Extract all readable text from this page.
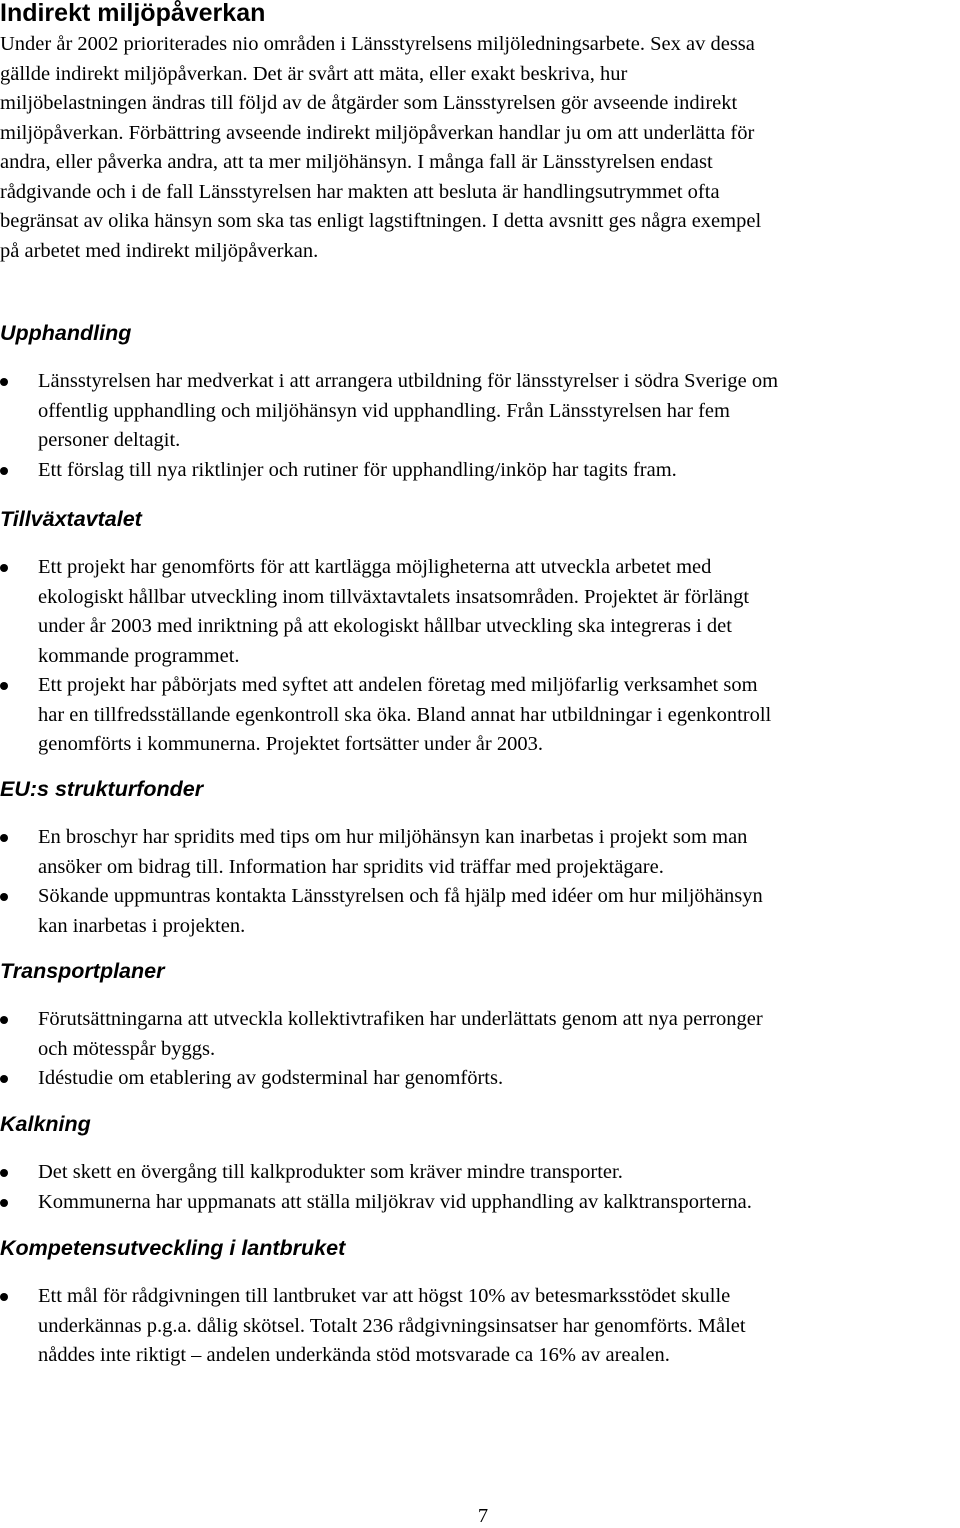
Indirekt miljöpåverkan

Under år 2002 prioriterades nio områden i Länsstyrelsens miljöledningsarbete. Sex av dessa
gällde indirekt miljöpåverkan. Det är svårt att mäta, eller exakt beskriva, hur
miljöbelastningen ändras till följd av de åtgärder som Länsstyrelsen gör avseende indirekt
miljöpåverkan. Förbättring avseende indirekt miljöpåverkan handlar ju om att underlätta för
andra, eller påverka andra, att ta mer miljöhänsyn. I många fall är Länsstyrelsen endast
rådgivande och i de fall Länsstyrelsen har makten att besluta är handlingsutrymmet ofta
begränsat av olika hänsyn som ska tas enligt lagstiftningen. I detta avsnitt ges några exempel
på arbetet med indirekt miljöpåverkan.

Upphandling
Länsstyrelsen har medverkat i att arrangera utbildning för länsstyrelser i södra Sverige om
offentlig upphandling och miljöhänsyn vid upphandling. Från Länsstyrelsen har fem
personer deltagit.
Ett förslag till nya riktlinjer och rutiner för upphandling/inköp har tagits fram.
Tillväxtavtalet
Ett projekt har genomförts för att kartlägga möjligheterna att utveckla arbetet med
ekologiskt hållbar utveckling inom tillväxtavtalets insatsområden. Projektet är förlängt
under år 2003 med inriktning på att ekologiskt hållbar utveckling ska integreras i det
kommande programmet.
Ett projekt har påbörjats med syftet att andelen företag med miljöfarlig verksamhet som
har en tillfredsställande egenkontroll ska öka. Bland annat har utbildningar i egenkontroll
genomförts i kommunerna. Projektet fortsätter under år 2003.
EU:s strukturfonder
En broschyr har spridits med tips om hur miljöhänsyn kan inarbetas i projekt som man
ansöker om bidrag till. Information har spridits vid träffar med projektägare.
Sökande uppmuntras kontakta Länsstyrelsen och få hjälp med idéer om hur miljöhänsyn
kan inarbetas i projekten.
Transportplaner
Förutsättningarna att utveckla kollektivtrafiken har underlättats genom att nya perronger
och mötesspår byggs.
Idéstudie om etablering av godsterminal har genomförts.
Kalkning
Det skett en övergång till kalkprodukter som kräver mindre transporter.
Kommunerna har uppmanats att ställa miljökrav vid upphandling av kalktransporterna.
Kompetensutveckling i lantbruket
Ett mål för rådgivningen till lantbruket var att högst 10% av betesmarksstödet skulle
underkännas p.g.a. dålig skötsel. Totalt 236 rådgivningsinsatser har genomförts. Målet
nåddes inte riktigt – andelen underkända stöd motsvarade ca 16% av arealen.
7
